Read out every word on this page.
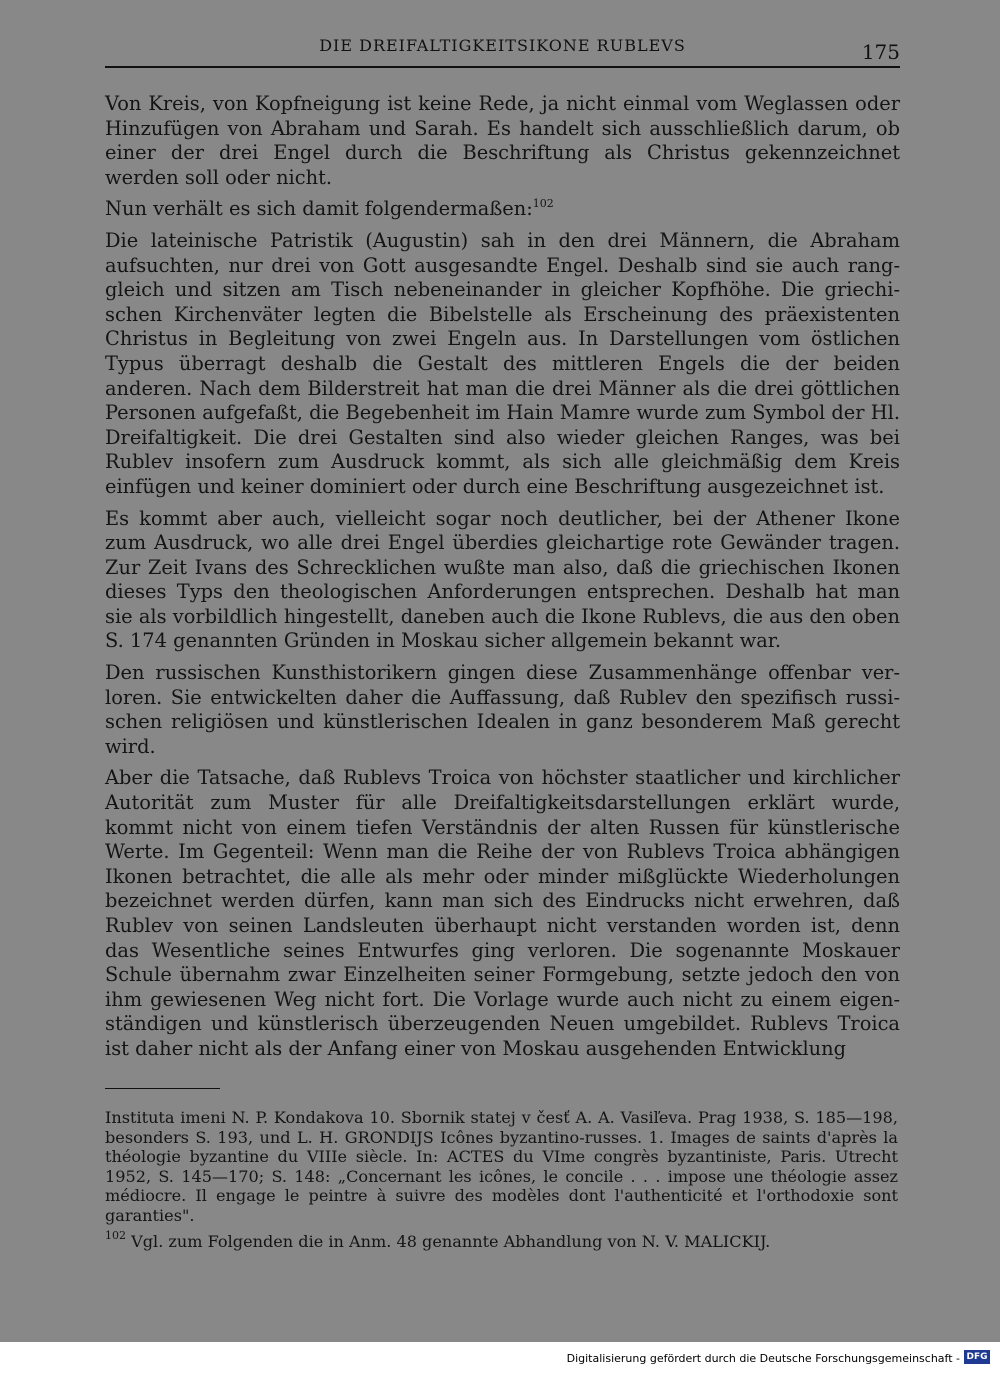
DIE DREIFALTIGKEITSIKONE RUBLEVS	175

Von Kreis, von Kopfneigung ist keine Rede, ja nicht einmal vom Weglassen oder Hinzufügen von Abraham und Sarah. Es handelt sich ausschließlich darum, ob einer der drei Engel durch die Beschriftung als Christus gekennzeichnet werden soll oder nicht.

Nun verhält es sich damit folgendermaßen:$^{102}$

Die lateinische Patristik (Augustin) sah in den drei Männern, die Abraham aufsuchten, nur drei von Gott ausgesandte Engel. Deshalb sind sie auch ranggleich und sitzen am Tisch nebeneinander in gleicher Kopfhöhe. Die griechischen Kirchenväter legten die Bibelstelle als Erscheinung des präexistenten Christus in Begleitung von zwei Engeln aus. In Darstellungen vom östlichen Typus überragt deshalb die Gestalt des mittleren Engels die der beiden anderen. Nach dem Bilderstreit hat man die drei Männer als die drei göttlichen Personen aufgefaßt, die Begebenheit im Hain Mamre wurde zum Symbol der Hl. Dreifaltigkeit. Die drei Gestalten sind also wieder gleichen Ranges, was bei Rublev insofern zum Ausdruck kommt, als sich alle gleichmäßig dem Kreis einfügen und keiner dominiert oder durch eine Beschriftung ausgezeichnet ist.

Es kommt aber auch, vielleicht sogar noch deutlicher, bei der Athener Ikone zum Ausdruck, wo alle drei Engel überdies gleichartige rote Gewänder tragen. Zur Zeit Ivans des Schrecklichen wußte man also, daß die griechischen Ikonen dieses Typs den theologischen Anforderungen entsprechen. Deshalb hat man sie als vorbildlich hingestellt, daneben auch die Ikone Rublevs, die aus den oben S. 174 genannten Gründen in Moskau sicher allgemein bekannt war.

Den russischen Kunsthistorikern gingen diese Zusammenhänge offenbar verloren. Sie entwickelten daher die Auffassung, daß Rublev den spezifisch russischen religiösen und künstlerischen Idealen in ganz besonderem Maß gerecht wird.

Aber die Tatsache, daß Rublevs Troica von höchster staatlicher und kirchlicher Autorität zum Muster für alle Dreifaltigkeitsdarstellungen erklärt wurde, kommt nicht von einem tiefen Verständnis der alten Russen für künstlerische Werte. Im Gegenteil: Wenn man die Reihe der von Rublevs Troica abhängigen Ikonen betrachtet, die alle als mehr oder minder mißglückte Wiederholungen bezeichnet werden dürfen, kann man sich des Eindrucks nicht erwehren, daß Rublev von seinen Landsleuten überhaupt nicht verstanden worden ist, denn das Wesentliche seines Entwurfes ging verloren. Die sogenannte Moskauer Schule übernahm zwar Einzelheiten seiner Formgebung, setzte jedoch den von ihm gewiesenen Weg nicht fort. Die Vorlage wurde auch nicht zu einem eigenständigen und künstlerisch überzeugenden Neuen umgebildet. Rublevs Troica ist daher nicht als der Anfang einer von Moskau ausgehenden Entwicklung

Instituta imeni N. P. Kondakova 10. Sbornik statej v česť A. A. Vasiľeva. Prag 1938, S. 185—198, besonders S. 193, und L. H. GRONDIJS Icônes byzantino-russes. 1. Images de saints d'après la théologie byzantine du VIIIe siècle. In: ACTES du VIme congrès byzantiniste, Paris. Utrecht 1952, S. 145—170; S. 148: „Concernant les icônes, le concile . . . impose une théologie assez médiocre. Il engage le peintre à suivre des modèles dont l'authenticité et l'orthodoxie sont garanties".

$^{102}$ Vgl. zum Folgenden die in Anm. 48 genannte Abhandlung von N. V. MALICKIJ.

Digitalisierung gefördert durch die Deutsche Forschungsgemeinschaft - DFG
